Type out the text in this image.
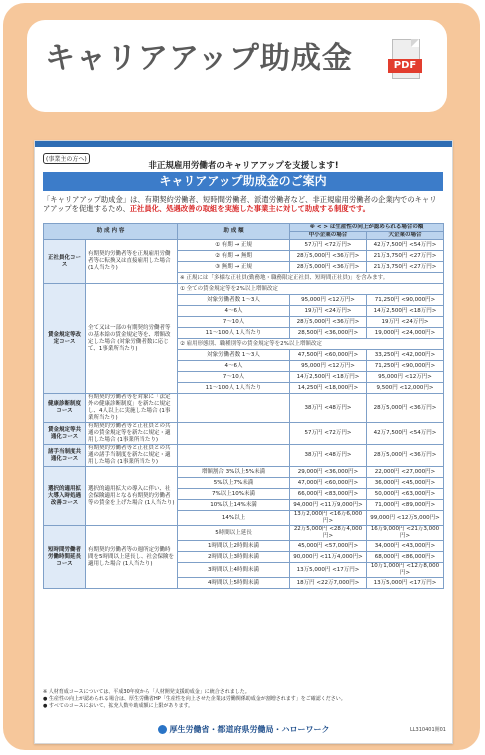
キャリアアップ助成金	PDF
(事業主の方へ)
非正規雇用労働者のキャリアアップを支援します!
キャリアアップ助成金のご案内
「キャリアアップ助成金」は、有期契約労働者、短時間労働者、派遣労働者など、非正規雇用労働者の企業内でのキャリアアップを促進するため、正社員化、処遇改善の取組を実施した事業主に対して助成する制度です。
助 成 内 容		助 成 額	※ < > は生産性の向上が認められる場合の額	
			中小企業の場合	大企業の場合
正社員化コース	有期契約労働者等を正規雇用労働者等に転換又は直接雇用した場合 (1人当たり)	① 有期 → 正規	57万円 <72万円>	42万7,500円 <54万円>
		② 有期 → 無期	28万5,000円 <36万円>	21万3,750円 <27万円>
		③ 無期 → 正規	28万5,000円 <36万円>	21万3,750円 <27万円>
		※ 正規には「多様な正社員(勤務地・職務限定正社員、短時間正社員)」を含みます。		
賃金規定等改定コース	全て又は一部の有期契約労働者等の基本給の賃金規定等を、増額改定した場合 (対象労働者数に応じて、1事業所当たり)	① 全ての賃金規定等を2%以上増額改定		
		対象労働者数 1〜3人	95,000円 <12万円>	71,250円 <90,000円>
		4〜6人	19万円 <24万円>	14万2,500円 <18万円>
		7〜10人	28万5,000円 <36万円>	19万円 <24万円>
		11〜100人 1人当たり	28,500円 <36,000円>	19,000円 <24,000円>
		② 雇用形態別、職種別等の賃金規定等を2%以上増額改定		
		対象労働者数 1〜3人	47,500円 <60,000円>	33,250円 <42,000円>
		4〜6人	95,000円 <12万円>	71,250円 <90,000円>
		7〜10人	14万2,500円 <18万円>	95,000円 <12万円>
		11〜100人 1人当たり	14,250円 <18,000円>	9,500円 <12,000円>
健康診断制度コース	有期契約労働者等を対象に「法定外の健康診断制度」を新たに規定し、4人以上に実施した場合 (1事業所当たり)		38万円 <48万円>	28万5,000円 <36万円>
賃金規定等共通化コース	有期契約労働者等と正社員との共通の賃金規定等を新たに規定・適用した場合 (1事業所当たり)		57万円 <72万円>	42万7,500円 <54万円>
諸手当制度共通化コース	有期契約労働者等と正社員との共通の諸手当制度を新たに規定・適用した場合 (1事業所当たり)		38万円 <48万円>	28万5,000円 <36万円>
選択的適用拡大導入時処遇改善コース	選択的適用拡大の導入に伴い、社会保険適用となる有期契約労働者等の賃金を上げた場合 (1人当たり)	増額割合 3%以上5%未満	29,000円 <36,000円>	22,000円 <27,000円>
		5%以上7%未満	47,000円 <60,000円>	36,000円 <45,000円>
		7%以上10%未満	66,000円 <83,000円>	50,000円 <63,000円>
		10%以上14%未満	94,000円 <11万9,000円>	71,000円 <89,000円>
		14%以上	13万2,000円 <16万6,000円>	99,000円 <12万5,000円>
短時間労働者労働時間延長コース	有期契約労働者等の週所定労働時間を5時間以上延長し、社会保険を適用した場合 (1人当たり)	5時間以上延長	22万5,000円 <28万4,000円>	16万9,000円 <21万3,000円>
		1時間以上2時間未満	45,000円 <57,000円>	34,000円 <43,000円>
		2時間以上3時間未満	90,000円 <11万4,000円>	68,000円 <86,000円>
		3時間以上4時間未満	13万5,000円 <17万円>	10万1,000円 <12万8,000円>
		4時間以上5時間未満	18万円 <22万7,000円>	13万5,000円 <17万円>
※ 人材育成コースについては、平成30年度から「人材開発支援助成金」に統合されました。
● 生産性の向上が認められる場合は、厚生労働省HP「生産性を向上させた企業は労働関係助成金が割増されます」をご確認ください。
● すべてのコースにおいて、拡充人数や助成額に上限があります。
厚生労働省・都道府県労働局・ハローワーク	LL310401開01
